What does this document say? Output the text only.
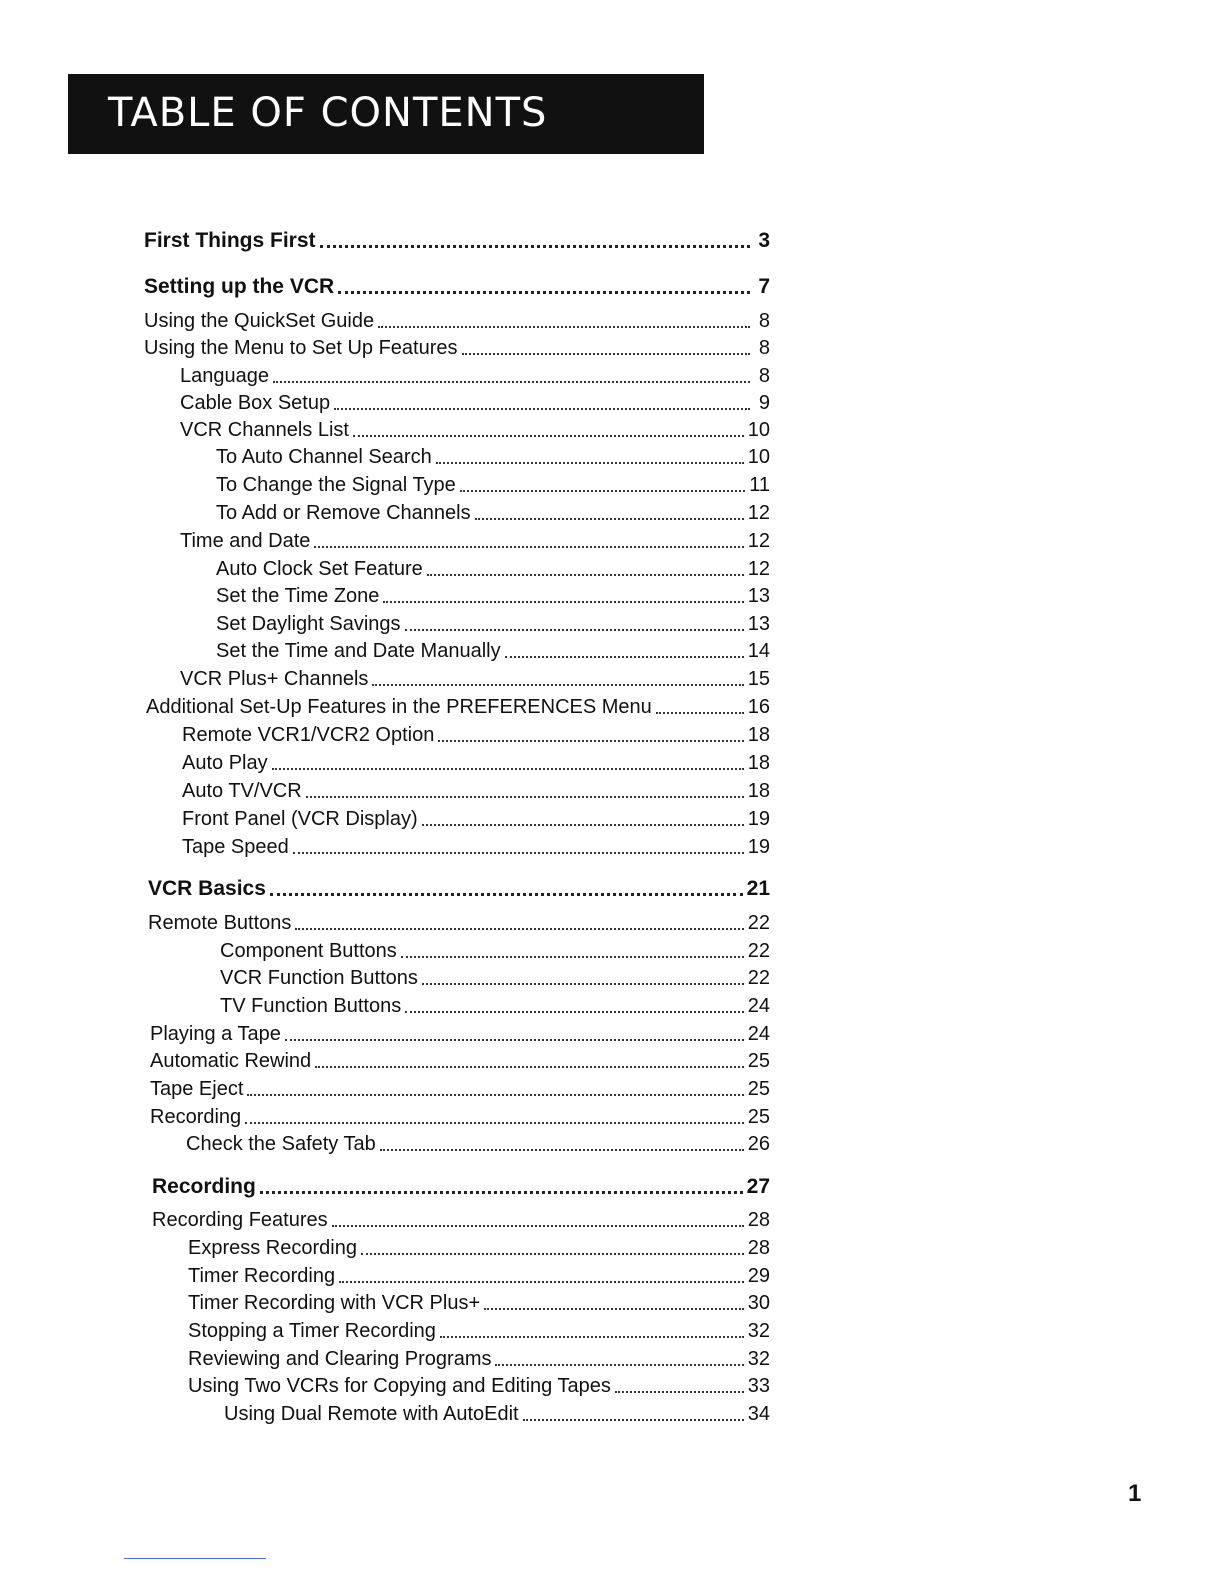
TABLE OF CONTENTS
First Things First	3
Setting up the VCR	7
Using the QuickSet Guide	8
Using the Menu to Set Up Features	8
Language	8
Cable Box Setup	9
VCR Channels List	10
To Auto Channel Search	10
To Change the Signal Type	11
To Add or Remove Channels	12
Time and Date	12
Auto Clock Set Feature	12
Set the Time Zone	13
Set Daylight Savings	13
Set the Time and Date Manually	14
VCR Plus+ Channels	15
Additional Set-Up Features in the PREFERENCES Menu	16
Remote VCR1/VCR2 Option	18
Auto Play	18
Auto TV/VCR	18
Front Panel (VCR Display)	19
Tape Speed	19
VCR Basics	21
Remote Buttons	22
Component Buttons	22
VCR Function Buttons	22
TV Function Buttons	24
Playing a Tape	24
Automatic Rewind	25
Tape Eject	25
Recording	25
Check the Safety Tab	26
Recording	27
Recording Features	28
Express Recording	28
Timer Recording	29
Timer Recording with VCR Plus+	30
Stopping a Timer Recording	32
Reviewing and Clearing Programs	32
Using Two VCRs for Copying and Editing Tapes	33
Using Dual Remote with AutoEdit	34
1
